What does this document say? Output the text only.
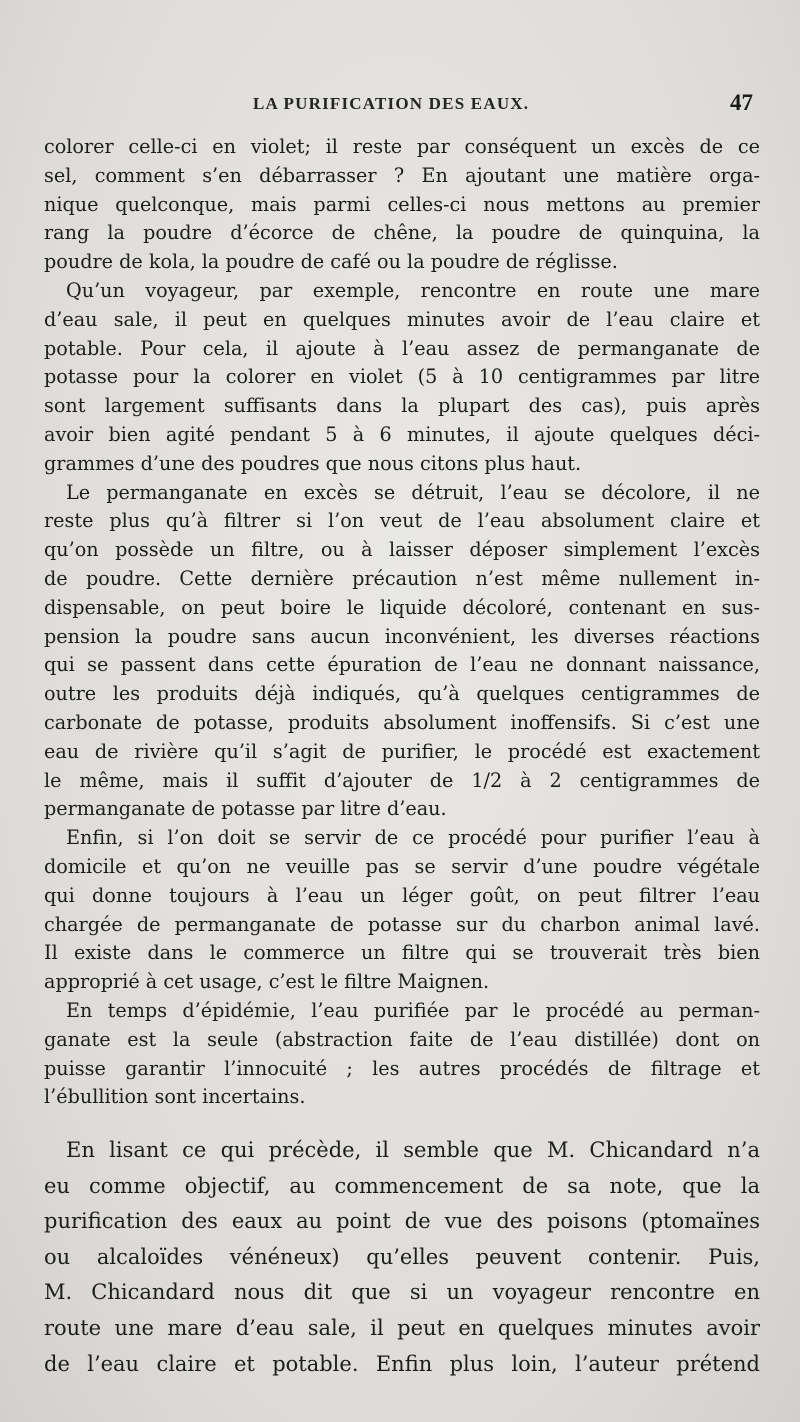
LA PURIFICATION DES EAUX.	47
colorer celle-ci en violet; il reste par conséquent un excès de ce
sel, comment s’en débarrasser ? En ajoutant une matière orga-
nique quelconque, mais parmi celles-ci nous mettons au premier
rang la poudre d’écorce de chêne, la poudre de quinquina, la
poudre de kola, la poudre de café ou la poudre de réglisse.
Qu’un voyageur, par exemple, rencontre en route une mare
d’eau sale, il peut en quelques minutes avoir de l’eau claire et
potable. Pour cela, il ajoute à l’eau assez de permanganate de
potasse pour la colorer en violet (5 à 10 centigrammes par litre
sont largement suffisants dans la plupart des cas), puis après
avoir bien agité pendant 5 à 6 minutes, il ajoute quelques déci-
grammes d’une des poudres que nous citons plus haut.
Le permanganate en excès se détruit, l’eau se décolore, il ne
reste plus qu’à filtrer si l’on veut de l’eau absolument claire et
qu’on possède un filtre, ou à laisser déposer simplement l’excès
de poudre. Cette dernière précaution n’est même nullement in-
dispensable, on peut boire le liquide décoloré, contenant en sus-
pension la poudre sans aucun inconvénient, les diverses réactions
qui se passent dans cette épuration de l’eau ne donnant naissance,
outre les produits déjà indiqués, qu’à quelques centigrammes de
carbonate de potasse, produits absolument inoffensifs. Si c’est une
eau de rivière qu’il s’agit de purifier, le procédé est exactement
le même, mais il suffit d’ajouter de 1/2 à 2 centigrammes de
permanganate de potasse par litre d’eau.
Enfin, si l’on doit se servir de ce procédé pour purifier l’eau à
domicile et qu’on ne veuille pas se servir d’une poudre végétale
qui donne toujours à l’eau un léger goût, on peut filtrer l’eau
chargée de permanganate de potasse sur du charbon animal lavé.
Il existe dans le commerce un filtre qui se trouverait très bien
approprié à cet usage, c’est le filtre Maignen.
En temps d’épidémie, l’eau purifiée par le procédé au perman-
ganate est la seule (abstraction faite de l’eau distillée) dont on
puisse garantir l’innocuité ; les autres procédés de filtrage et
l’ébullition sont incertains.
En lisant ce qui précède, il semble que M. Chicandard n’a
eu comme objectif, au commencement de sa note, que la
purification des eaux au point de vue des poisons (ptomaïnes
ou alcaloïdes vénéneux) qu’elles peuvent contenir. Puis,
M. Chicandard nous dit que si un voyageur rencontre en
route une mare d’eau sale, il peut en quelques minutes avoir
de l’eau claire et potable. Enfin plus loin, l’auteur prétend
